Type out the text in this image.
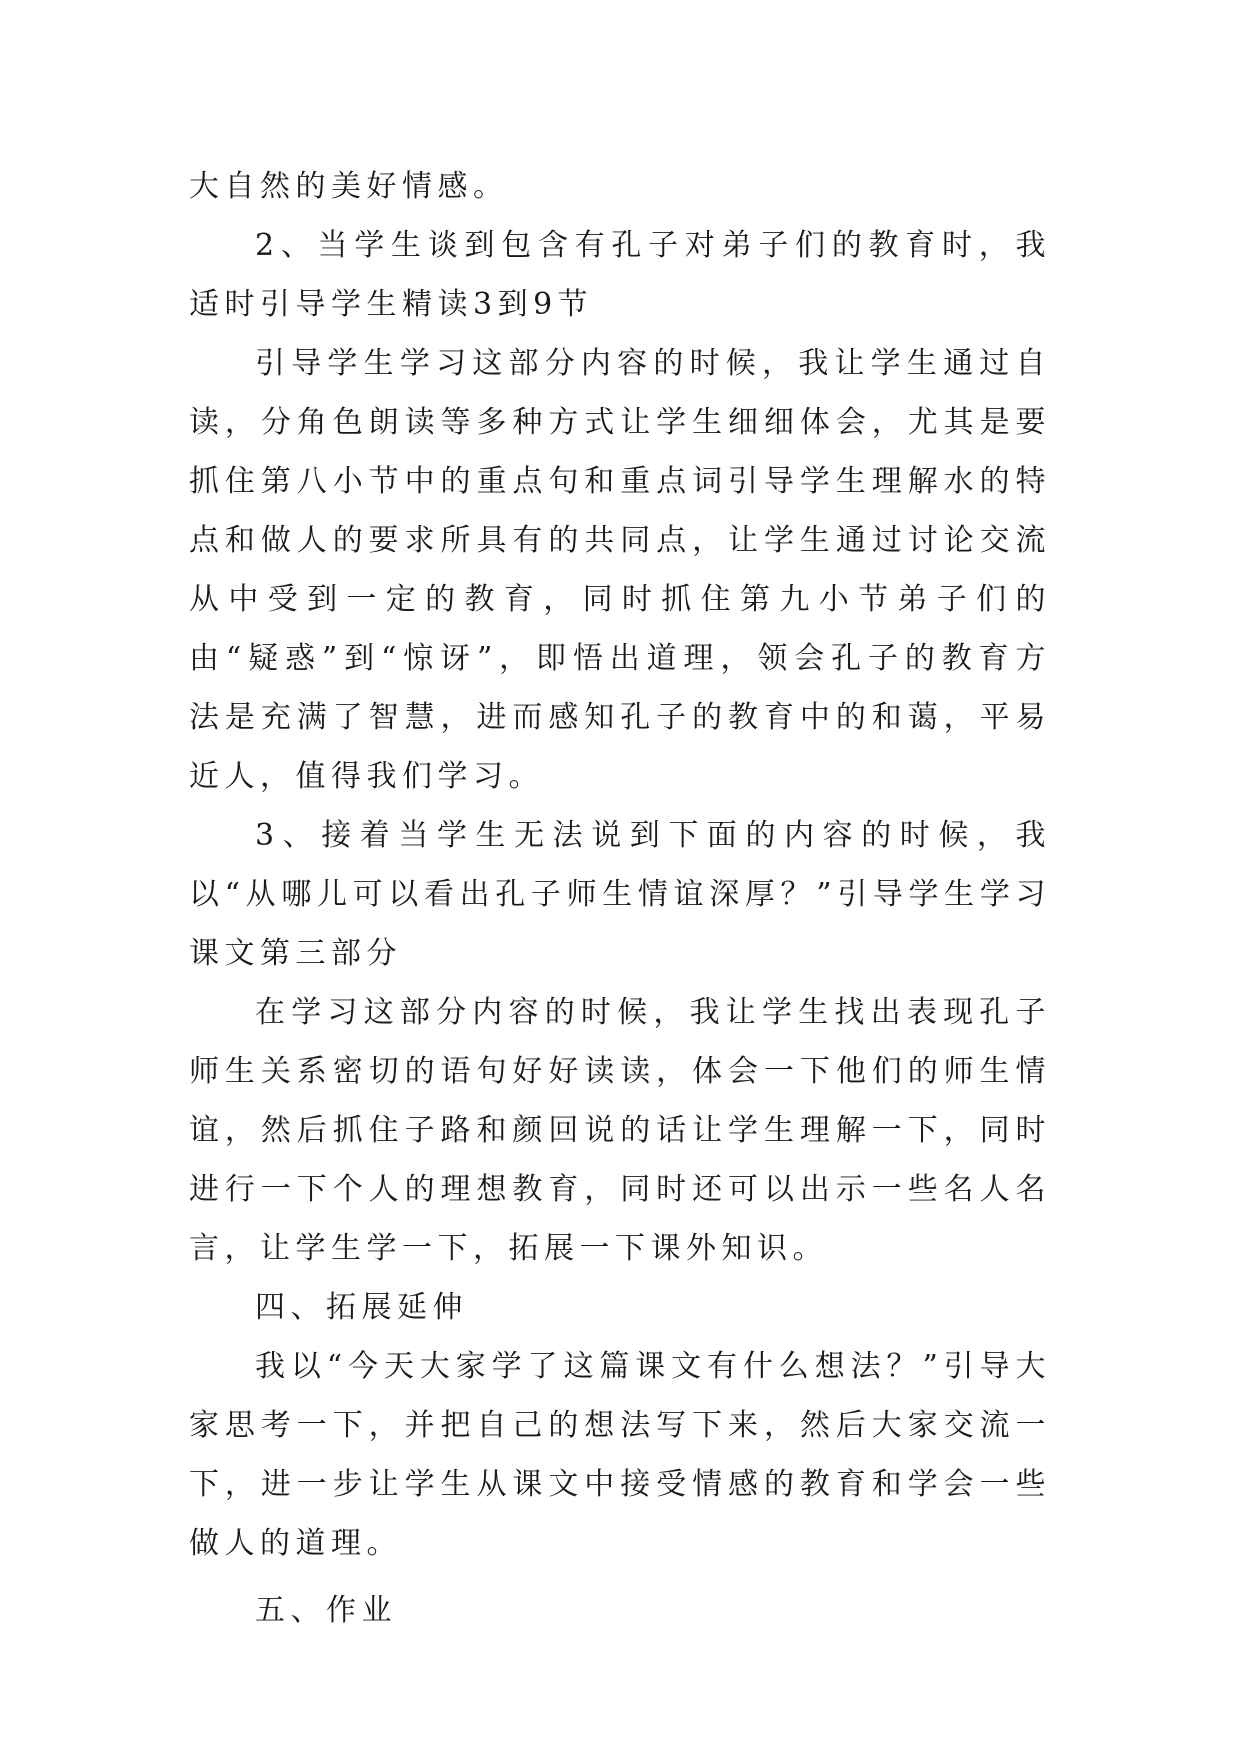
大自然的美好情感。

2、当学生谈到包含有孔子对弟子们的教育时，我适时引导学生精读3到9节

引导学生学习这部分内容的时候，我让学生通过自读，分角色朗读等多种方式让学生细细体会，尤其是要抓住第八小节中的重点句和重点词引导学生理解水的特点和做人的要求所具有的共同点，让学生通过讨论交流从中受到一定的教育，同时抓住第九小节弟子们的由“疑惑”到“惊讶”，即悟出道理，领会孔子的教育方法是充满了智慧，进而感知孔子的教育中的和蔼，平易近人，值得我们学习。

3、接着当学生无法说到下面的内容的时候，我以“从哪儿可以看出孔子师生情谊深厚？”引导学生学习课文第三部分

在学习这部分内容的时候，我让学生找出表现孔子师生关系密切的语句好好读读，体会一下他们的师生情谊，然后抓住子路和颜回说的话让学生理解一下，同时进行一下个人的理想教育，同时还可以出示一些名人名言，让学生学一下，拓展一下课外知识。

四、拓展延伸

我以“今天大家学了这篇课文有什么想法？”引导大家思考一下，并把自己的想法写下来，然后大家交流一下，进一步让学生从课文中接受情感的教育和学会一些做人的道理。

五、作业
